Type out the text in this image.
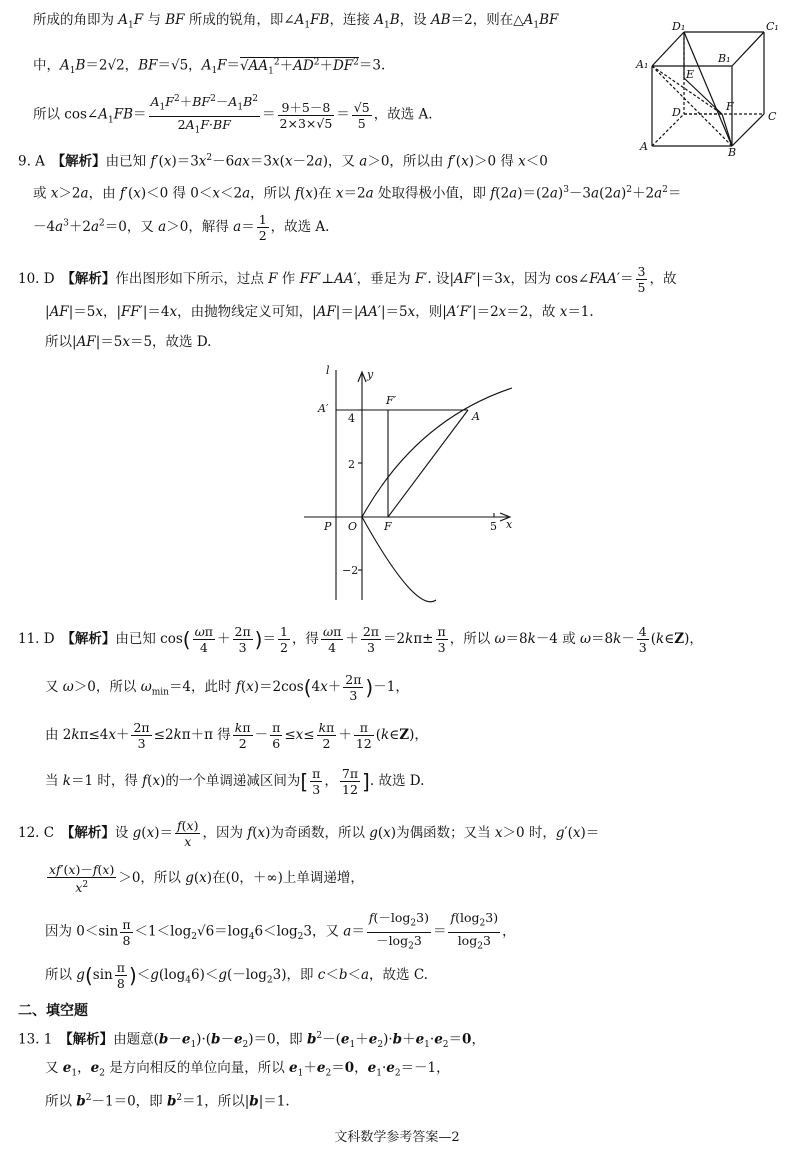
所成的角即为 $A_1F$ 与 BF 所成的锐角，即$\angle A_1FB$，连接 $A_1B$，设 AB＝2，则在$\triangle A_1BF$
中，$A_1B=2√2$，BF＝√5，$A_1F=√AA_1^2+AD^2+DF^2=3$.
所以 $\cos\angle A_1FB= \frac{A_1F^2+BF^2-A_1B^2}{2A_1F\cdot BF} = \frac{9+5-8}{2\times 3\times√5} = \frac{√5}{5}$ ，故选 A.
D₁	C₁
A₁	B₁
E
D	F
C
A	B
9. A　【解析】由已知 $f'(x)=3x^2-6ax=3x(x-2a)$，又 a＞0，所以由 f′(x)＞0 得 x＜0
或 x＞2a，由 f′(x)＜0 得 0＜x＜2a，所以 f(x)在 x＝2a 处取得极小值，即 $f(2a)=(2a)^3-3a(2a)^2+2a^2=$
$-4a^3+2a^2=0$，又 a＞0，解得 $a= \frac{1}{2}$ ，故选 A.
10. D　【解析】作出图形如下所示，过点 F 作 FF′⊥AA′，垂足为 F′. 设|AF′|＝3x，因为 cos∠FAA′＝ $\frac{3}{5}$ ，故
|AF|＝5x，|FF′|＝4x，由抛物线定义可知，|AF|＝|AA′|＝5x，则|A′F′|＝2x＝2，故 x＝1.
所以|AF|＝5x＝5，故选 D.
l	y
x
A′
F′
A
P O F
4
2
−2
5
11. D　【解析】由已知 $\cos( \frac{\omega\pi}{4} + \frac{2\pi}{3}$ )＝ $\frac{1}{2}$ ，得 $\frac{\omega\pi}{4} + \frac{2\pi}{3} =2k\pi\pm \frac{\pi}{3}$ ，所以 ω＝8k－4 或 $\omega=8k- \frac{4}{3}$ (k∈Z)，
又 ω＞0，所以 $\omega_{min}=4$，此时 $f(x)=2\cos(4x+ \frac{2\pi}{3} )-1$，
由 $2k\pi\le 4x+ \frac{2\pi}{3} \le 2k\pi+\pi$ 得 $\frac{k\pi}{2} - \frac{\pi}{6} \le x\le \frac{k\pi}{2} + \frac{\pi}{12}$ (k∈Z)，
当 k＝1 时，得 f(x)的一个单调递减区间为[ $\frac{\pi}{3}$ ， $\frac{7\pi}{12}$ ]. 故选 D.
12. C　【解析】设 $g(x)= \frac{f(x)}{x}$ ，因为 f(x)为奇函数，所以 g(x)为偶函数；又当 x＞0 时，g′(x)＝
$\frac{xf'(x)-f(x)}{x^2} >0$，所以 g(x)在(0，＋∞)上单调递增，
因为 $0<\sin \frac{\pi}{8} <1<\log_2√6=\log_46<\log_23$，又 $a= \frac{f(-\log_23)}{-\log_23} = \frac{f(\log_23)}{\log_23}$ ，
所以 $g(\sin \frac{\pi}{8} )<g(\log_46)<g(-\log_23)$，即 c＜b＜a，故选 C.
二、填空题
13. 1　【解析】由题意$(b-e_1)\cdot(b-e_2)=0$，即 $b^2-(e_1+e_2)\cdot b+e_1\cdot e_2=0$，
又 $e_1$，$e_2$ 是方向相反的单位向量，所以 $e_1+e_2=0$，$e_1\cdot e_2=-1$，
所以 $b^2-1=0$，即 $b^2=1$，所以|b|＝1.
文科数学参考答案—2
